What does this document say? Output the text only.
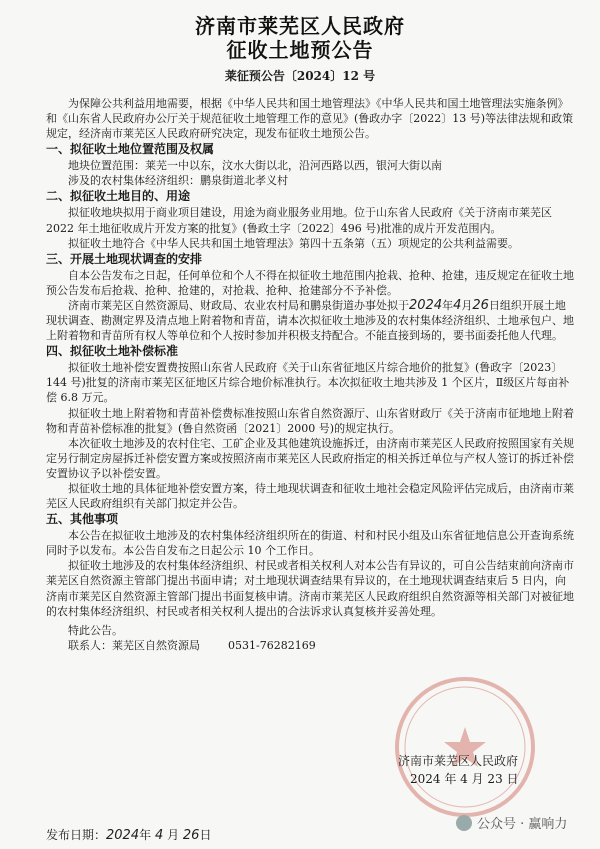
济南市莱芜区人民政府
征收土地预公告
莱征预公告〔2024〕12 号

为保障公共利益用地需要，根据《中华人民共和国土地管理法》《中华人民共和国土地管理法实施条例》和《山东省人民政府办公厅关于规范征收土地管理工作的意见》(鲁政办字〔2022〕13 号)等法律法规和政策规定，经济南市莱芜区人民政府研究决定，现发布征收土地预公告。

一、拟征收土地位置范围及权属

地块位置范围：莱芜一中以东，汶水大街以北，沿河西路以西，银河大街以南

涉及的农村集体经济组织：鹏泉街道北孝义村

二、拟征收土地目的、用途

拟征收地块拟用于商业项目建设，用途为商业服务业用地。位于山东省人民政府《关于济南市莱芜区 2022 年土地征收成片开发方案的批复》(鲁政土字〔2022〕496 号)批准的成片开发范围内。

拟征收土地符合《中华人民共和国土地管理法》第四十五条第（五）项规定的公共利益需要。

三、开展土地现状调查的安排

自本公告发布之日起，任何单位和个人不得在拟征收土地范围内抢栽、抢种、抢建，违反规定在征收土地预公告发布后抢栽、抢种、抢建的，对抢栽、抢种、抢建部分不予补偿。

济南市莱芜区自然资源局、财政局、农业农村局和鹏泉街道办事处拟于2024年4月26日组织开展土地现状调查、勘测定界及清点地上附着物和青苗，请本次拟征收土地涉及的农村集体经济组织、土地承包户、地上附着物和青苗所有权人等单位和个人按时参加并积极支持配合。不能直接到场的，要书面委托他人代理。

四、拟征收土地补偿标准

拟征收土地补偿安置费按照山东省人民政府《关于山东省征地区片综合地价的批复》(鲁政字〔2023〕144 号)批复的济南市莱芜区征地区片综合地价标准执行。本次拟征收土地共涉及 1 个区片，Ⅱ级区片每亩补偿 6.8 万元。

拟征收土地上附着物和青苗补偿费标准按照山东省自然资源厅、山东省财政厅《关于济南市征地地上附着物和青苗补偿标准的批复》(鲁自然资函〔2021〕2000 号)的规定执行。

本次征收土地涉及的农村住宅、工矿企业及其他建筑设施拆迁，由济南市莱芜区人民政府按照国家有关规定另行制定房屋拆迁补偿安置方案或按照济南市莱芜区人民政府指定的相关拆迁单位与产权人签订的拆迁补偿安置协议予以补偿安置。

拟征收土地的具体征地补偿安置方案，待土地现状调查和征收土地社会稳定风险评估完成后，由济南市莱芜区人民政府组织有关部门拟定并公告。

五、其他事项

本公告在拟征收土地涉及的农村集体经济组织所在的街道、村和村民小组及山东省征地信息公开查询系统同时予以发布。本公告自发布之日起公示 10 个工作日。

拟征收土地涉及的农村集体经济组织、村民或者相关权利人对本公告有异议的，可自公告结束前向济南市莱芜区自然资源主管部门提出书面申请；对土地现状调查结果有异议的，在土地现状调查结束后 5 日内，向济南市莱芜区自然资源主管部门提出书面复核申请。济南市莱芜区人民政府组织自然资源等相关部门对被征地的农村集体经济组织、村民或者相关权利人提出的合法诉求认真复核并妥善处理。

特此公告。

联系人：莱芜区自然资源局	0531-76282169

济南市莱芜区人民政府
2024 年 4 月 23 日
发布日期：2024年 4 月 26日
公众号 · 赢响力
